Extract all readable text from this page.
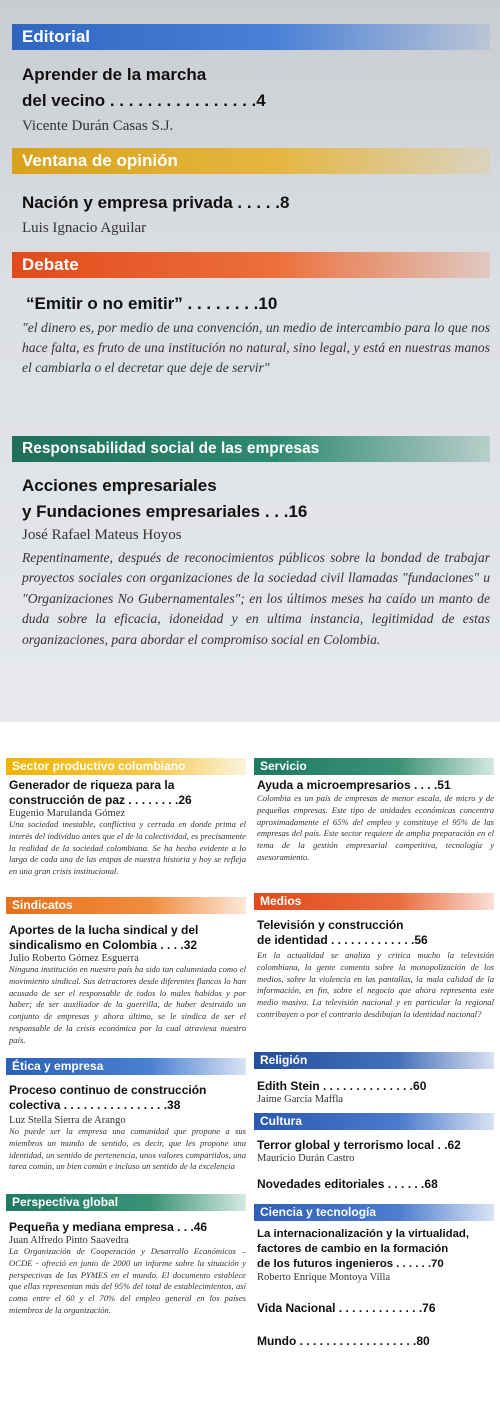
Editorial
Aprender de la marcha
del vecino . . . . . . . . . . . . . . . .4
Vicente Durán Casas S.J.
Ventana de opinión
Nación y empresa privada . . . . .8
Luis Ignacio Aguilar
Debate
“Emitir o no emitir” . . . . . . . .10
"el dinero es, por medio de una convención, un medio de intercambio para lo que nos hace falta, es fruto de una institución no natural, sino legal, y está en nuestras manos el cambiarla o el decretar que deje de servir"
Responsabilidad social de las empresas
Acciones empresariales
y Fundaciones empresariales . . .16
José Rafael Mateus Hoyos
Repentinamente, después de reconocimientos públicos sobre la bondad de trabajar proyectos sociales con organizaciones de la sociedad civil llamadas "fundaciones" u "Organizaciones No Gubernamentales"; en los últimos meses ha caído un manto de duda sobre la eficacia, idoneidad y en ultima instancia, legitimidad de estas organizaciones, para abordar el compromiso social en Colombia.
Sector productivo colombiano
Generador de riqueza para la
construcción de paz . . . . . . . .26
Eugenio Marulanda Gómez
Una sociedad inestable, conflictiva y cerrada en donde prima el interés del individuo antes que el de la colectividad, es precisamente la realidad de la sociedad colombiana. Se ha hecho evidente a lo largo de cada una de las etapas de nuestra historia y hoy se refleja en una gran crisis institucional.
Sindicatos
Aportes de la lucha sindical y del
sindicalismo en Colombia . . . .32
Julio Roberto Gómez Esguerra
Ninguna institución en nuestro país ha sido tan calumniada como el movimiento sindical. Sus detractores desde diferentes flancos lo han acusado de ser el responsable de todos lo males habidos y por haber; de ser auxiliador de la guerrilla, de haber destruido un conjunto de empresas y ahora último, se le sindica de ser el responsable de la crisis económica por la cual atraviesa nuestro país.
Ética y empresa
Proceso continuo de construcción
colectiva . . . . . . . . . . . . . . . .38
Luz Stella Sierra de Arango
No puede ser la empresa una comunidad que propone a sus miembros un mundo de sentido, es decir, que les propone una identidad, un sentido de pertenencia, unos valores compartidos, una tarea común, un bien común e incluso un sentido de la excelencia
Perspectiva global
Pequeña y mediana empresa . . .46
Juan Alfredo Pinto Saavedra
La Organización de Cooperación y Desarrollo Económicos – OCDE - ofreció en junio de 2000 un informe sobre la situación y perspectivas de las PYMES en el mundo. El documento establece que ellas representan más del 95% del total de establecimientos, así como entre el 60 y el 70% del empleo general en los países miembros de la organización.
Servicio
Ayuda a microempresarios . . . .51
Colombia es un país de empresas de menor escala, de micro y de pequeñas empresas. Este tipo de unidades económicas concentra aproximadamente el 65% del empleo y constituye el 95% de las empresas del país. Este sector requiere de amplia preparación en el tema de la gestión empresarial competitiva, tecnología y asesoramiento.
Medios
Televisión y construcción
de identidad . . . . . . . . . . . . .56
En la actualidad se analiza y critica mucho la televisión colombiana, la gente comenta sobre la monopolización de los medios, sobre la violencia en las pantallas, la mala calidad de la información, en fin, sobre el negocio que ahora representa este medio masivo. La televisión nacional y en particular la regional contribuyen o por el contrario desdibujan la identidad nacional?
Religión
Edith Stein . . . . . . . . . . . . . .60
Jaime García Maffla
Cultura
Terror global y terrorismo local . .62
Mauricio Durán Castro
Novedades editoriales . . . . . .68
Ciencia y tecnología
La internacionalización y la virtualidad,
factores de cambio en la formación
de los futuros ingenieros . . . . . .70
Roberto Enrique Montoya Villa
Vida Nacional . . . . . . . . . . . . .76
Mundo . . . . . . . . . . . . . . . . . .80
